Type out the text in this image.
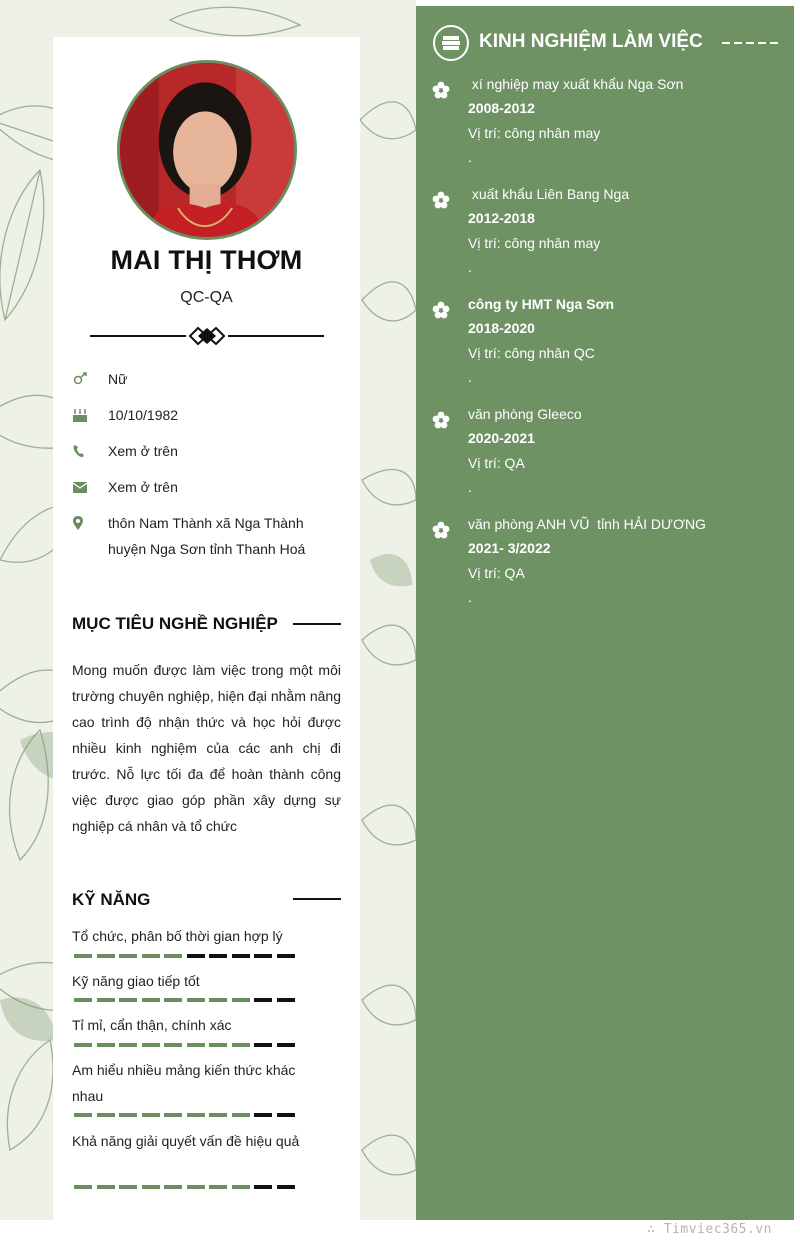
MAI THỊ THƠM
QC-QA
Nữ
10/10/1982
Xem ở trên
Xem ở trên
thôn Nam Thành xã Nga Thành huyện Nga Sơn tỉnh Thanh Hoá
MỤC TIÊU NGHỀ NGHIỆP
Mong muốn được làm việc trong một môi trường chuyên nghiệp, hiện đại nhằm nâng cao trình độ nhận thức và học hỏi được nhiều kinh nghiệm của các anh chị đi trước. Nỗ lực tối đa để hoàn thành công việc được giao góp phần xây dựng sự nghiệp cá nhân và tổ chức
KỸ NĂNG
Tổ chức, phân bố thời gian hợp lý
Kỹ năng giao tiếp tốt
Tỉ mỉ, cẩn thận, chính xác
Am hiểu nhiều mảng kiến thức khác nhau
Khả năng giải quyết vấn đề hiệu quả
KINH NGHIỆM LÀM VIỆC
xí nghiệp may xuất khẩu Nga Sơn
2008-2012
Vị trí: công nhân may
.
xuất khẩu Liên Bang Nga
2012-2018
Vị trí: công nhân may
.
công ty HMT Nga Sơn
2018-2020
Vị trí: công nhân QC
.
văn phòng Gleeco
2020-2021
Vị trí: QA
.
văn phòng ANH VŨ  tỉnh HẢI DƯƠNG
2021- 3/2022
Vị trí: QA
.
∴ Timviec365.vn
